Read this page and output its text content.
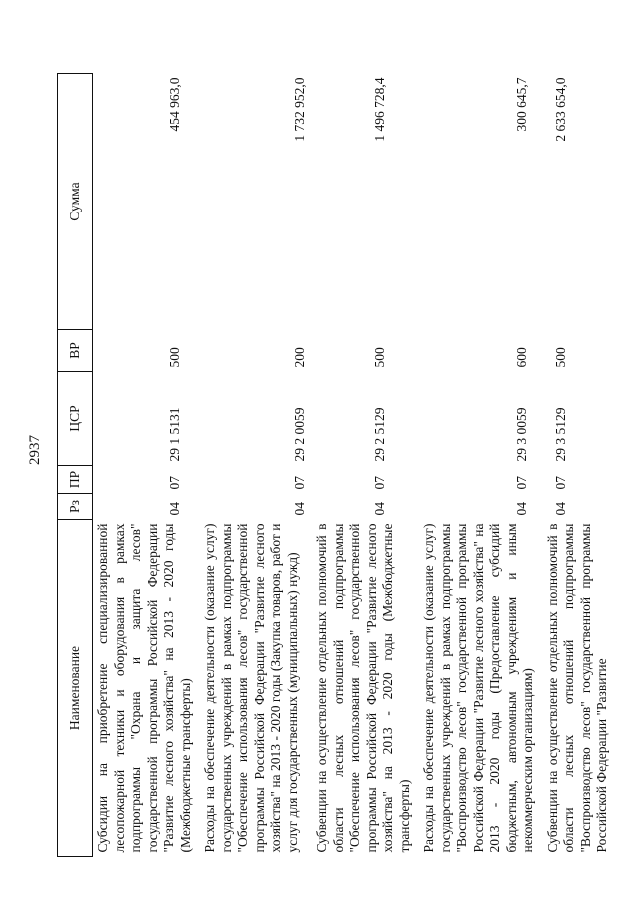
2937
Наименование	Рз	ПР	ЦСР	ВР	Сумма
Субсидии на приобретение специализированной лесопожарной техники и оборудования в рамках подпрограммы "Охрана и защита лесов" государственной программы Российской Федерации "Развитие лесного хозяйства" на 2013 - 2020 годы (Межбюджетные трансферты)	04	07	29 1 5131	500	454 963,0

Расходы на обеспечение деятельности (оказание услуг) государственных учреждений в рамках подпрограммы "Обеспечение использования лесов" государственной программы Российской Федерации "Развитие лесного хозяйства" на 2013 - 2020 годы (Закупка товаров, работ и услуг для государственных (муниципальных) нужд)	04	07	29 2 0059	200	1 732 952,0

Субвенции на осуществление отдельных полномочий в области лесных отношений подпрограммы "Обеспечение использования лесов" государственной программы Российской Федерации "Развитие лесного хозяйства" на 2013 - 2020 годы (Межбюджетные трансферты)	04	07	29 2 5129	500	1 496 728,4

Расходы на обеспечение деятельности (оказание услуг) государственных учреждений в рамках подпрограммы "Воспроизводство лесов" государственной программы Российской Федерации "Развитие лесного хозяйства" на 2013 - 2020 годы (Предоставление субсидий бюджетным, автономным учреждениям и иным некоммерческим организациям)	04	07	29 3 0059	600	300 645,7

Субвенции на осуществление отдельных полномочий в области лесных отношений подпрограммы "Воспроизводство лесов" государственной программы Российской Федерации "Развитие	04	07	29 3 5129	500	2 633 654,0
